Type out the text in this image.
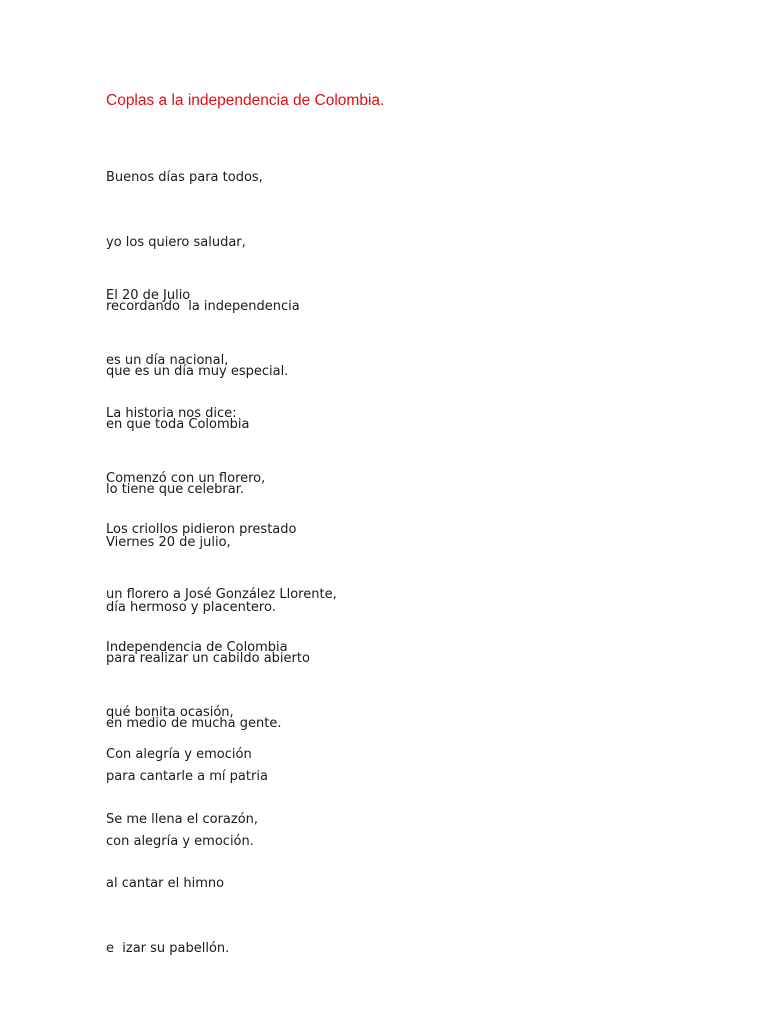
Coplas a la independencia de Colombia.

Buenos días para todos,

yo los quiero saludar,

recordando  la independencia

que es un día muy especial.

El 20 de Julio

es un día nacional,

en que toda Colombia

lo tiene que celebrar.

La historia nos dice:

Comenzó con un florero,

Viernes 20 de julio,

día hermoso y placentero.

Los criollos pidieron prestado

un florero a José González Llorente,

para realizar un cabildo abierto

en medio de mucha gente.

Independencia de Colombia

qué bonita ocasión,

para cantarle a mí patria

con alegría y emoción.

Con alegría y emoción

Se me llena el corazón,

al cantar el himno

e  izar su pabellón.
